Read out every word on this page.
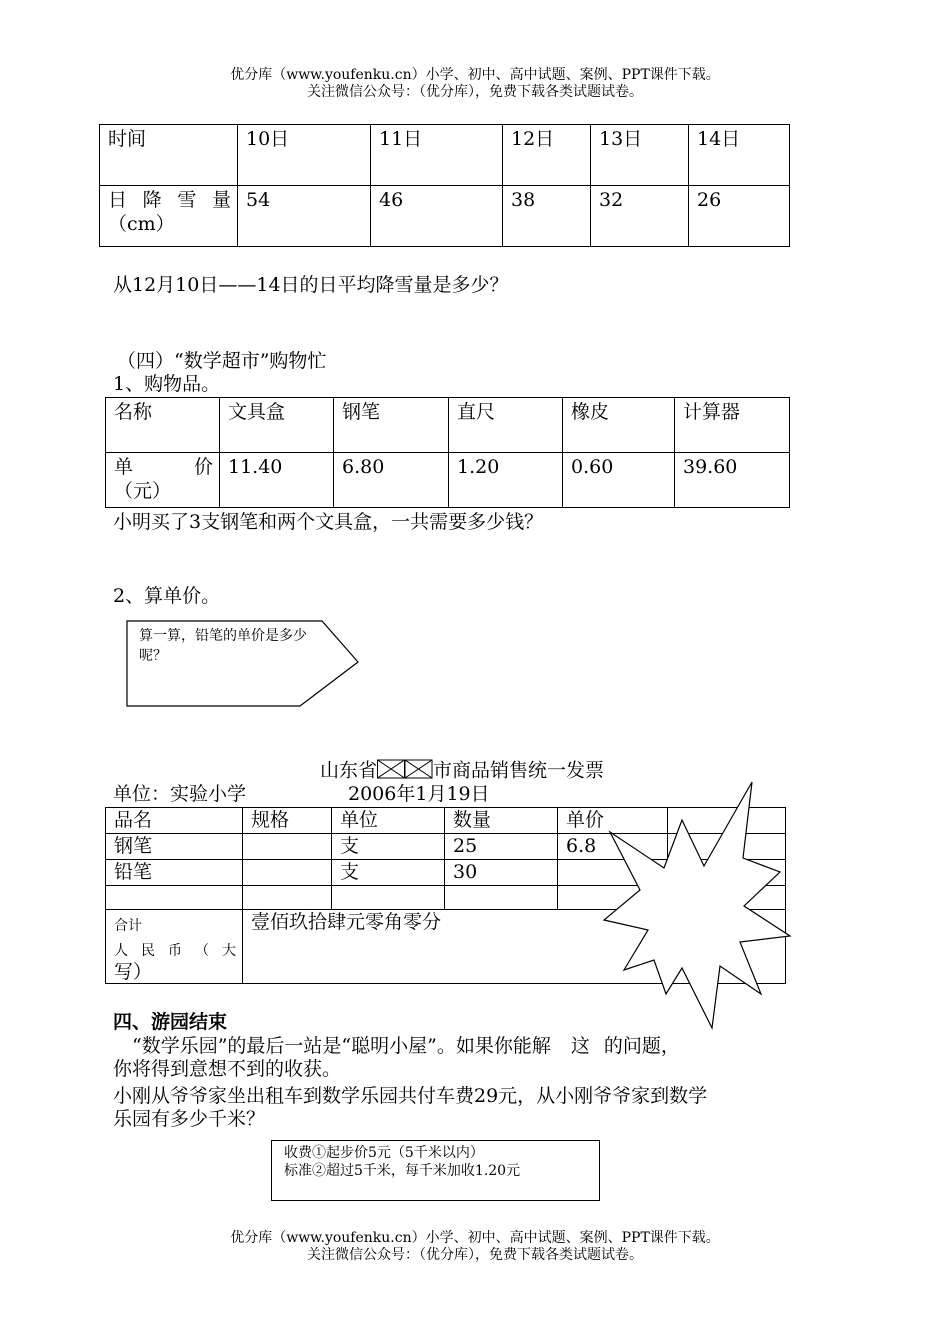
优分库（www.youfenku.cn）小学、初中、高中试题、案例、PPT课件下载。
关注微信公众号：（优分库），免费下载各类试题试卷。
时间	10日	11日	12日	13日	14日

日降雪量
（cm）	54	46	38	32	26
从12月10日——14日的日平均降雪量是多少？
（四）“数学超市”购物忙
1、购物品。
名称	文具盒	钢笔	直尺	橡皮	计算器

单价
（元）	11.40	6.80	1.20	0.60	39.60
小明买了3支钢笔和两个文具盒，一共需要多少钱？
2、算单价。
算一算，铅笔的单价是多少
呢？
山东省	市商品销售统一发票
单位：实验小学	2006年1月19日
品名	规格	单位	数量	单价	
钢笔		支	25	6.8	
铅笔		支	30		

合计
人民币（大
写）	壹佰玖拾肆元零角零分				
四、游园结束
“数学乐园”的最后一站是“聪明小屋”。如果你能解 这 的问题，
你将得到意想不到的收获。
小刚从爷爷家坐出租车到数学乐园共付车费29元，从小刚爷爷家到数学
乐园有多少千米？
收费①起步价5元（5千米以内）
标准②超过5千米，每千米加收1.20元
优分库（www.youfenku.cn）小学、初中、高中试题、案例、PPT课件下载。
关注微信公众号：（优分库），免费下载各类试题试卷。
